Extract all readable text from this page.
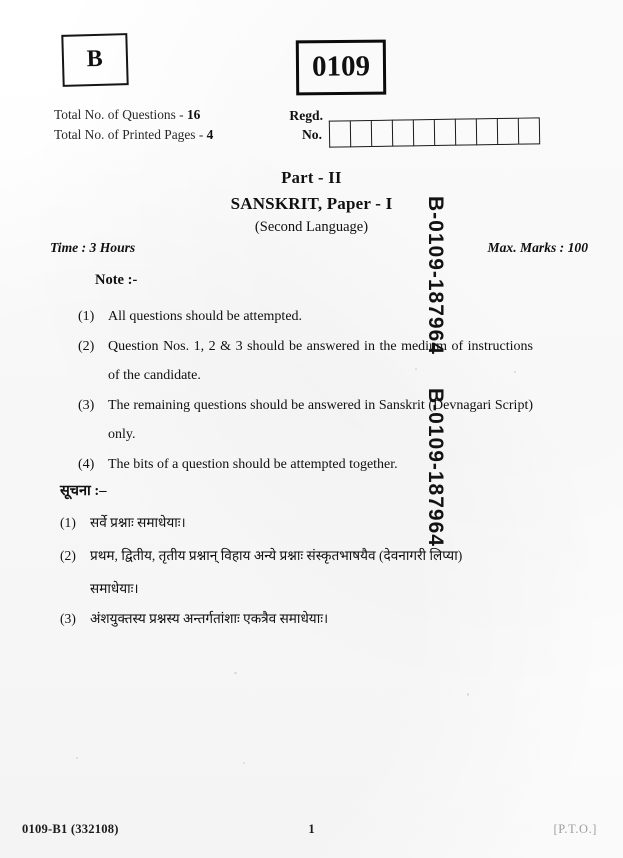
B	0109
Total No. of Questions - 16
Total No. of Printed Pages - 4
Regd.
No.
Part - II
SANSKRIT, Paper - I
(Second Language)
Time : 3 Hours	Max. Marks : 100
Note :-
(1) All questions should be attempted.
(2) Question Nos. 1, 2 & 3 should be answered in the medium of instructions of the candidate.
(3) The remaining questions should be answered in Sanskrit (Devnagari Script) only.
(4) The bits of a question should be attempted together.
सूचना :–
(1)	सर्वे प्रश्नाः समाधेयाः।
(2)	प्रथम, द्वितीय, तृतीय प्रश्नान् विहाय अन्ये प्रश्नाः संस्कृतभाषयैव (देवनागरी लिप्या)
समाधेयाः।
(3)	अंशयुक्तस्य प्रश्नस्य अन्तर्गतांशाः एकत्रैव समाधेयाः।
B-0109-187964
B-0109-187964
0109-B1 (332108)	1	[P.T.O.]
